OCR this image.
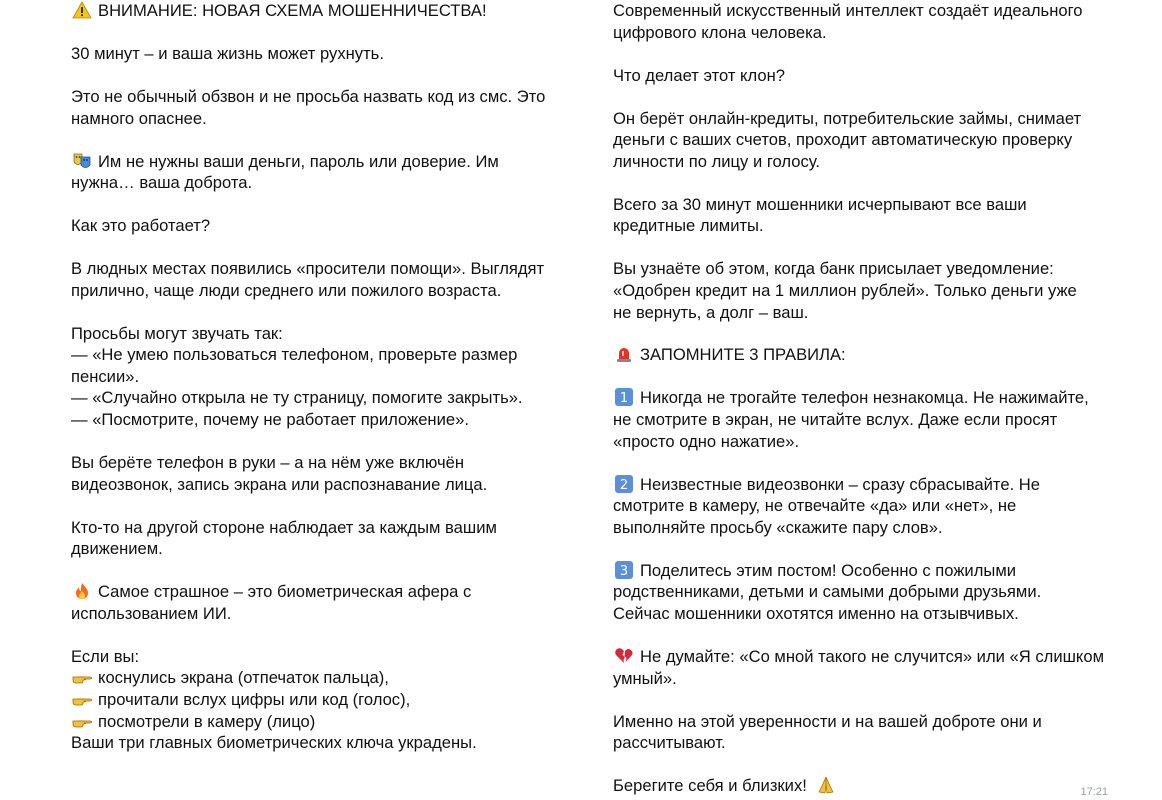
ВНИМАНИЕ: НОВАЯ СХЕМА МОШЕННИЧЕСТВА!
30 минут – и ваша жизнь может рухнуть.
Это не обычный обзвон и не просьба назвать код из смс. Это
намного опаснее.
Им не нужны ваши деньги, пароль или доверие. Им
нужна… ваша доброта.
Как это работает?
В людных местах появились «просители помощи». Выглядят
прилично, чаще люди среднего или пожилого возраста.
Просьбы могут звучать так:
— «Не умею пользоваться телефоном, проверьте размер
пенсии».
— «Случайно открыла не ту страницу, помогите закрыть».
— «Посмотрите, почему не работает приложение».
Вы берёте телефон в руки – а на нём уже включён
видеозвонок, запись экрана или распознавание лица.
Кто-то на другой стороне наблюдает за каждым вашим
движением.
Самое страшное – это биометрическая афера с
использованием ИИ.
Если вы:
коснулись экрана (отпечаток пальца),
прочитали вслух цифры или код (голос),
посмотрели в камеру (лицо)
Ваши три главных биометрических ключа украдены.
Современный искусственный интеллект создаёт идеального
цифрового клона человека.
Что делает этот клон?
Он берёт онлайн-кредиты, потребительские займы, снимает
деньги с ваших счетов, проходит автоматическую проверку
личности по лицу и голосу.
Всего за 30 минут мошенники исчерпывают все ваши
кредитные лимиты.
Вы узнаёте об этом, когда банк присылает уведомление:
«Одобрен кредит на 1 миллион рублей». Только деньги уже
не вернуть, а долг – ваш.
ЗАПОМНИТЕ 3 ПРАВИЛА:
1 Никогда не трогайте телефон незнакомца. Не нажимайте,
не смотрите в экран, не читайте вслух. Даже если просят
«просто одно нажатие».
2 Неизвестные видеозвонки – сразу сбрасывайте. Не
смотрите в камеру, не отвечайте «да» или «нет», не
выполняйте просьбу «скажите пару слов».
3 Поделитесь этим постом! Особенно с пожилыми
родственниками, детьми и самыми добрыми друзьями.
Сейчас мошенники охотятся именно на отзывчивых.
Не думайте: «Со мной такого не случится» или «Я слишком
умный».
Именно на этой уверенности и на вашей доброте они и
рассчитывают.
Берегите себя и близких!	17:21
